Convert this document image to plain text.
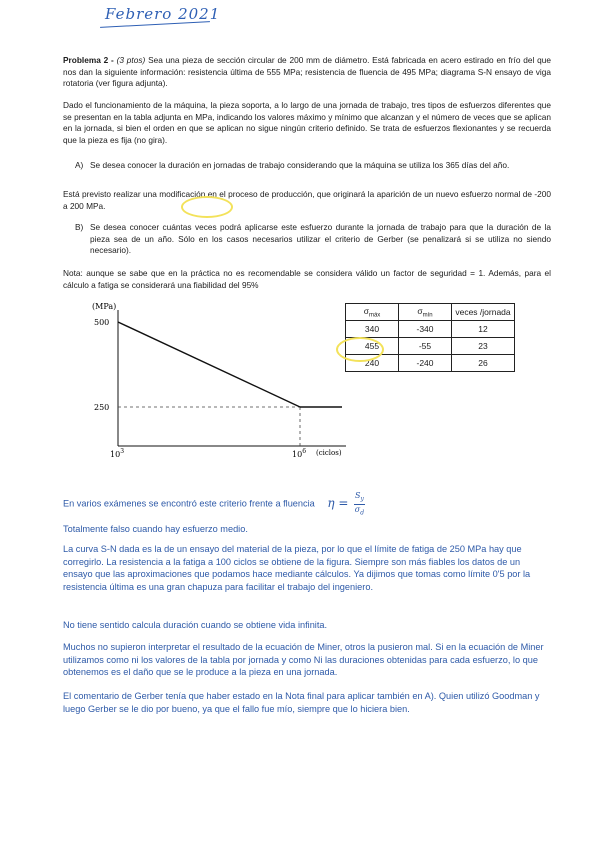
Febrero 2021
Problema 2 - (3 ptos) Sea una pieza de sección circular de 200 mm de diámetro. Está fabricada en acero estirado en frío del que nos dan la siguiente información: resistencia última de 555 MPa; resistencia de fluencia de 495 MPa; diagrama S-N ensayo de viga rotatoria (ver figura adjunta).
Dado el funcionamiento de la máquina, la pieza soporta, a lo largo de una jornada de trabajo, tres tipos de esfuerzos diferentes que se presentan en la tabla adjunta en MPa, indicando los valores máximo y mínimo que alcanzan y el número de veces que se aplican en la jornada, si bien el orden en que se aplican no sigue ningún criterio definido. Se trata de esfuerzos flexionantes y se recuerda que la pieza es fija (no gira).
A) Se desea conocer la duración en jornadas de trabajo considerando que la máquina se utiliza los 365 días del año.
Está previsto realizar una modificación en el proceso de producción, que originará la aparición de un nuevo esfuerzo normal de -200 a 200 MPa.
B) Se desea conocer cuántas veces podrá aplicarse este esfuerzo durante la jornada de trabajo para que la duración de la pieza sea de un año. Sólo en los casos necesarios utilizar el criterio de Gerber (se penalizará si se utiliza no siendo necesario).
Nota: aunque se sabe que en la práctica no es recomendable se considera válido un factor de seguridad = 1. Además, para el cálculo a fatiga se considerará una fiabilidad del 95%
(MPa)
500
250
$10^3$	$10^6$ (ciclos)
$\sigma_{máx}$	$\sigma_{mín}$	veces /jornada
340	-340	12
455	-55	23
240	-240	26
En varios exámenes se encontró este criterio frente a fluencia $\eta = \frac{S_y}{\sigma_d}$
Totalmente falso cuando hay esfuerzo medio.
La curva S-N dada es la de un ensayo del material de la pieza, por lo que el límite de fatiga de 250 MPa hay que corregirlo. La resistencia a la fatiga a 100 ciclos se obtiene de la figura. Siempre son más fiables los datos de un ensayo que las aproximaciones que podamos hace mediante cálculos. Ya dijimos que tomas como límite 0'5 por la resistencia última es una gran chapuza para facilitar el trabajo del ingeniero.
No tiene sentido calcula duración cuando se obtiene vida infinita.
Muchos no supieron interpretar el resultado de la ecuación de Miner, otros la pusieron mal. Si en la ecuación de Miner utilizamos como ni los valores de la tabla por jornada y como Ni las duraciones obtenidas para cada esfuerzo, lo que obtenemos es el daño que se le produce a la pieza en una jornada.
El comentario de Gerber tenía que haber estado en la Nota final para aplicar también en A). Quien utilizó Goodman y luego Gerber se le dio por bueno, ya que el fallo fue mío, siempre que lo hiciera bien.
